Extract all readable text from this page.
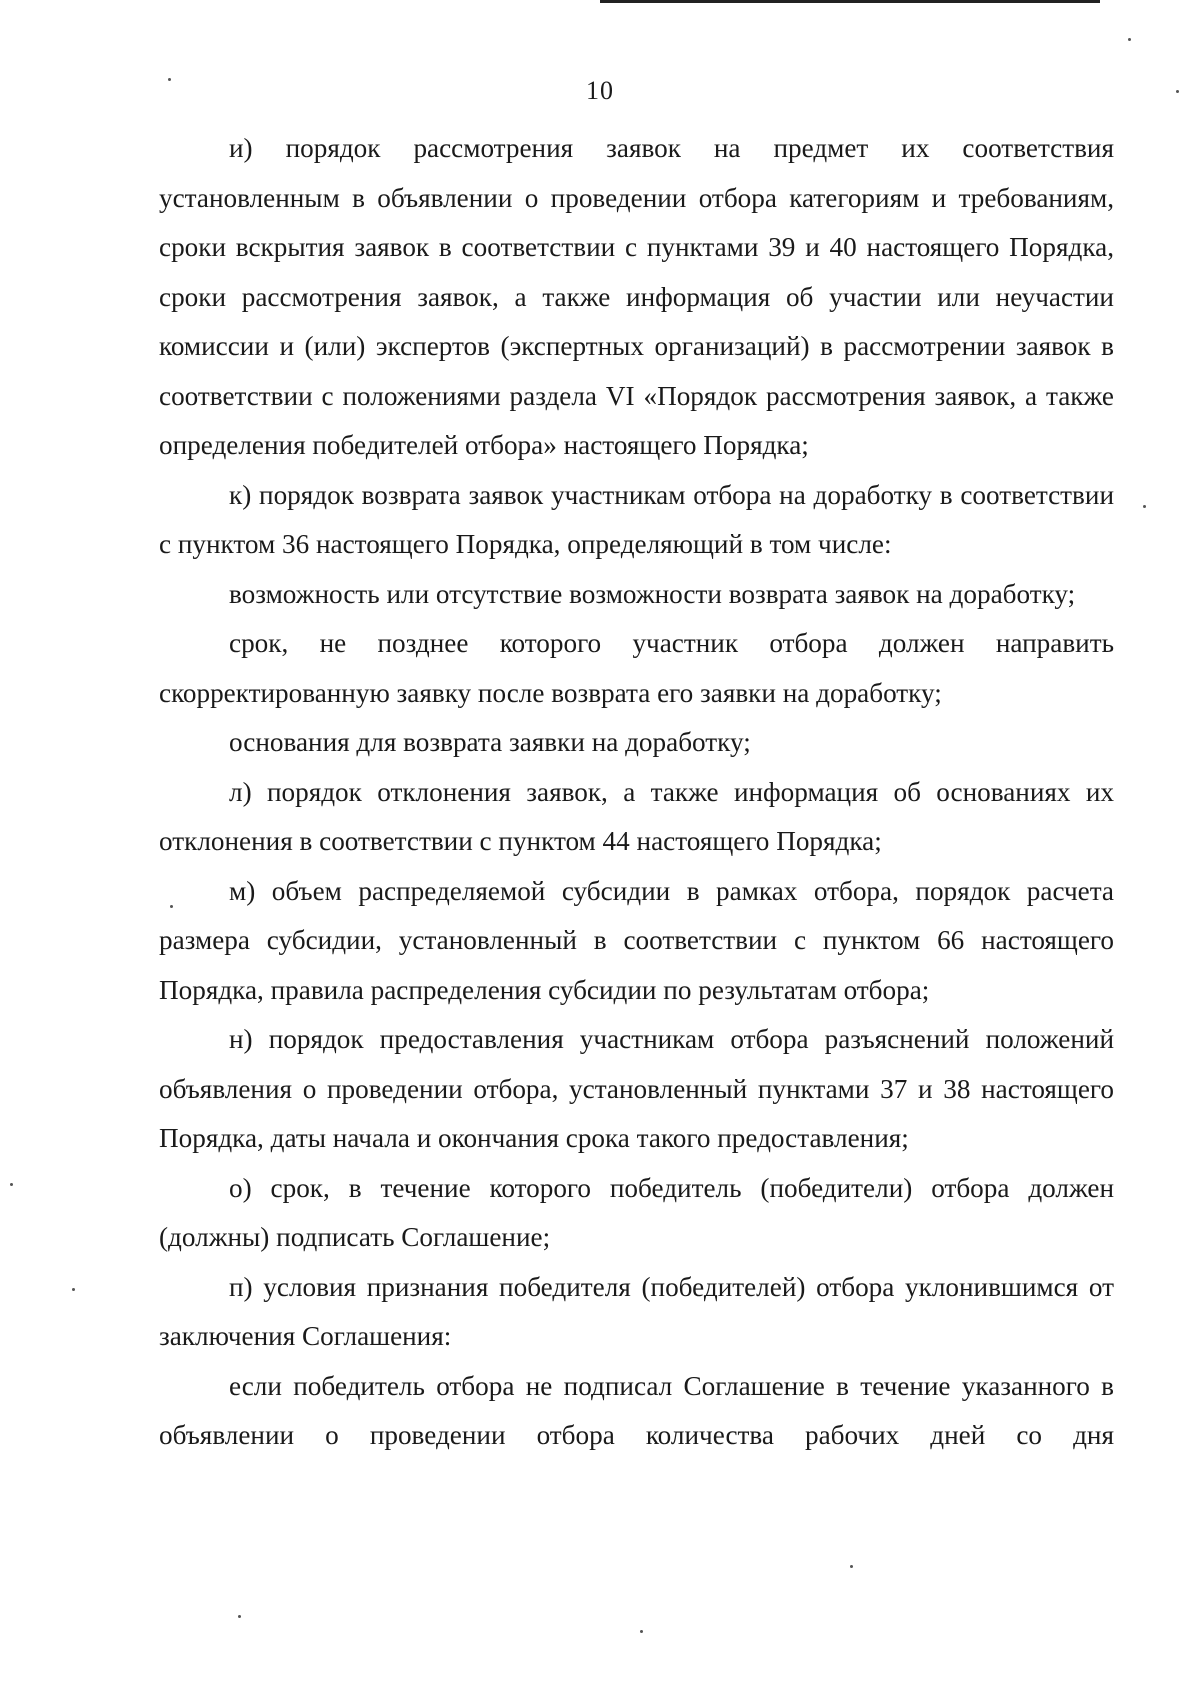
10

и) порядок рассмотрения заявок на предмет их соответствия установленным в объявлении о проведении отбора категориям и требованиям, сроки вскрытия заявок в соответствии с пунктами 39 и 40 настоящего Порядка, сроки рассмотрения заявок, а также информация об участии или неучастии комиссии и (или) экспертов (экспертных организаций) в рассмотрении заявок в соответствии с положениями раздела VI «Порядок рассмотрения заявок, а также определения победителей отбора» настоящего Порядка;

к) порядок возврата заявок участникам отбора на доработку в соответствии с пунктом 36 настоящего Порядка, определяющий в том числе:

возможность или отсутствие возможности возврата заявок на доработку;

срок, не позднее которого участник отбора должен направить скорректированную заявку после возврата его заявки на доработку;

основания для возврата заявки на доработку;

л) порядок отклонения заявок, а также информация об основаниях их отклонения в соответствии с пунктом 44 настоящего Порядка;

м) объем распределяемой субсидии в рамках отбора, порядок расчета размера субсидии, установленный в соответствии с пунктом 66 настоящего Порядка, правила распределения субсидии по результатам отбора;

н) порядок предоставления участникам отбора разъяснений положений объявления о проведении отбора, установленный пунктами 37 и 38 настоящего Порядка, даты начала и окончания срока такого предоставления;

о) срок, в течение которого победитель (победители) отбора должен (должны) подписать Соглашение;

п) условия признания победителя (победителей) отбора уклонившимся от заключения Соглашения:

если победитель отбора не подписал Соглашение в течение указанного в объявлении о проведении отбора количества рабочих дней со дня
